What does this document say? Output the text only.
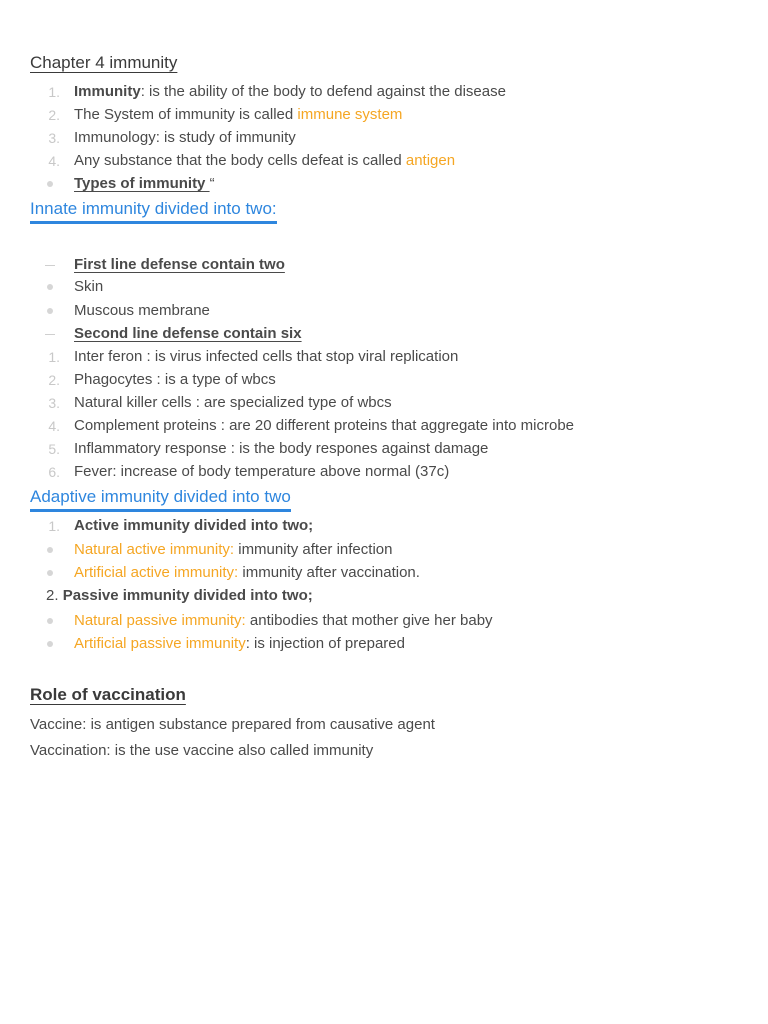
Chapter 4 immunity
1. Immunity: is the ability of the body to defend against the disease
2. The System of immunity is called immune system
3. Immunology: is study of immunity
4. Any substance that the body cells defeat is called antigen
Types of immunity “
Innate immunity divided into two:
First line defense contain two
Skin
Muscous membrane
Second line defense contain six
1. Inter feron : is virus infected cells that stop viral replication
2. Phagocytes : is a type of wbcs
3. Natural killer cells : are specialized type of wbcs
4. Complement proteins : are 20 different proteins that aggregate into microbe
5. Inflammatory response : is the body respones against damage
6. Fever: increase of body temperature above normal (37c)
Adaptive immunity divided into two
1. Active immunity divided into two;
Natural active immunity: immunity after infection
Artificial active immunity: immunity after vaccination.
2. Passive immunity divided into two;
Natural passive immunity: antibodies that mother give her baby
Artificial passive immunity: is injection of prepared
Role of vaccination
Vaccine: is antigen substance prepared from causative agent
Vaccination: is the use vaccine also called immunity
